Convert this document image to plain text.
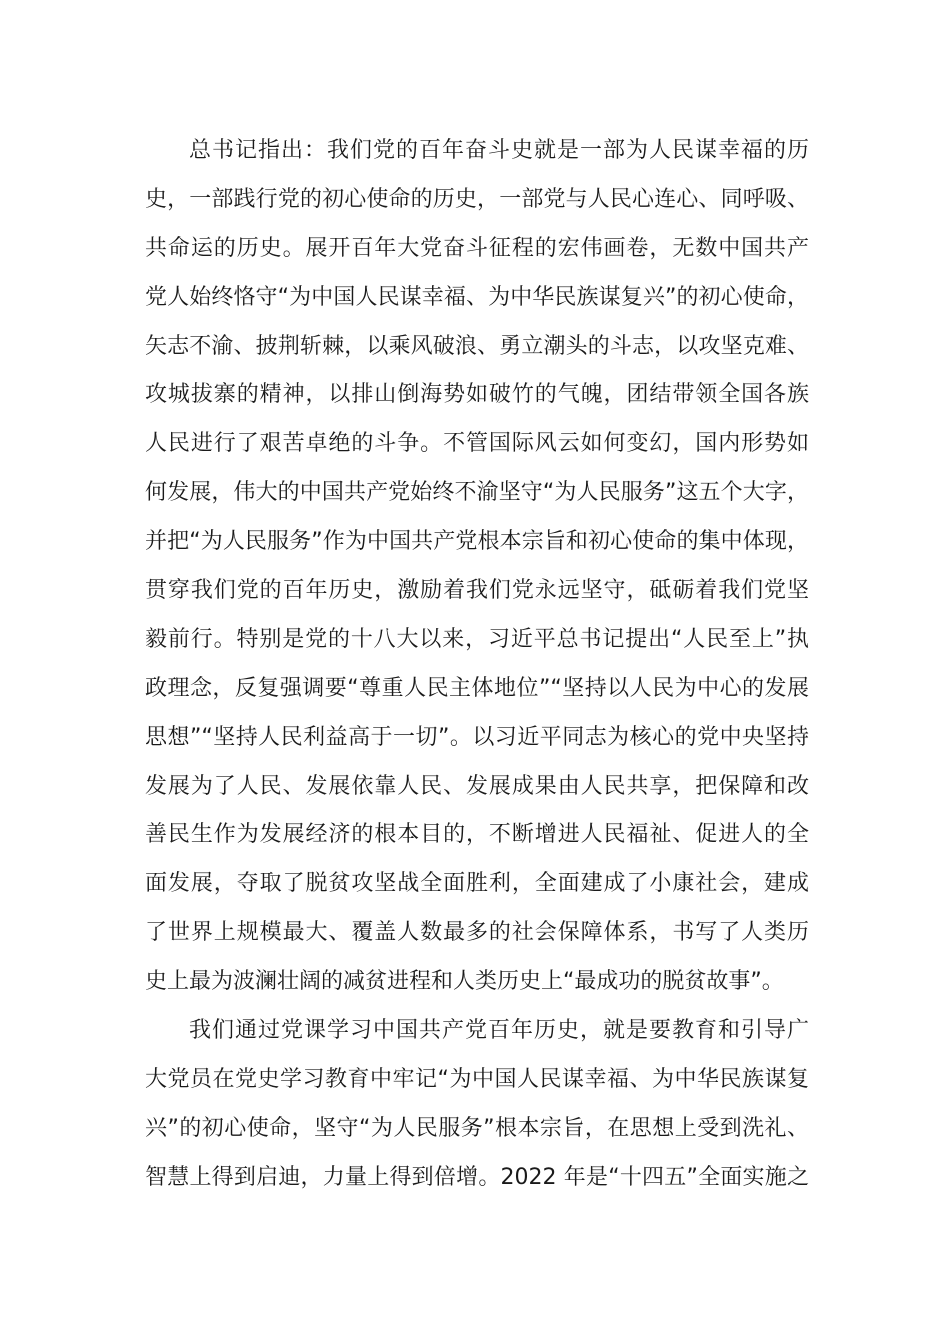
总书记指出：我们党的百年奋斗史就是一部为人民谋幸福的历
史，一部践行党的初心使命的历史，一部党与人民心连心、同呼吸、
共命运的历史。展开百年大党奋斗征程的宏伟画卷，无数中国共产
党人始终恪守“为中国人民谋幸福、为中华民族谋复兴”的初心使命，
矢志不渝、披荆斩棘，以乘风破浪、勇立潮头的斗志，以攻坚克难、
攻城拔寨的精神，以排山倒海势如破竹的气魄，团结带领全国各族
人民进行了艰苦卓绝的斗争。不管国际风云如何变幻，国内形势如
何发展，伟大的中国共产党始终不渝坚守“为人民服务”这五个大字，
并把“为人民服务”作为中国共产党根本宗旨和初心使命的集中体现，
贯穿我们党的百年历史，激励着我们党永远坚守，砥砺着我们党坚
毅前行。特别是党的十八大以来，习近平总书记提出“人民至上”执
政理念，反复强调要“尊重人民主体地位”“坚持以人民为中心的发展
思想”“坚持人民利益高于一切”。以习近平同志为核心的党中央坚持
发展为了人民、发展依靠人民、发展成果由人民共享，把保障和改
善民生作为发展经济的根本目的，不断增进人民福祉、促进人的全
面发展，夺取了脱贫攻坚战全面胜利，全面建成了小康社会，建成
了世界上规模最大、覆盖人数最多的社会保障体系，书写了人类历
史上最为波澜壮阔的减贫进程和人类历史上“最成功的脱贫故事”。
我们通过党课学习中国共产党百年历史，就是要教育和引导广
大党员在党史学习教育中牢记“为中国人民谋幸福、为中华民族谋复
兴”的初心使命，坚守“为人民服务”根本宗旨，在思想上受到洗礼、
智慧上得到启迪，力量上得到倍增。2022 年是“十四五”全面实施之
